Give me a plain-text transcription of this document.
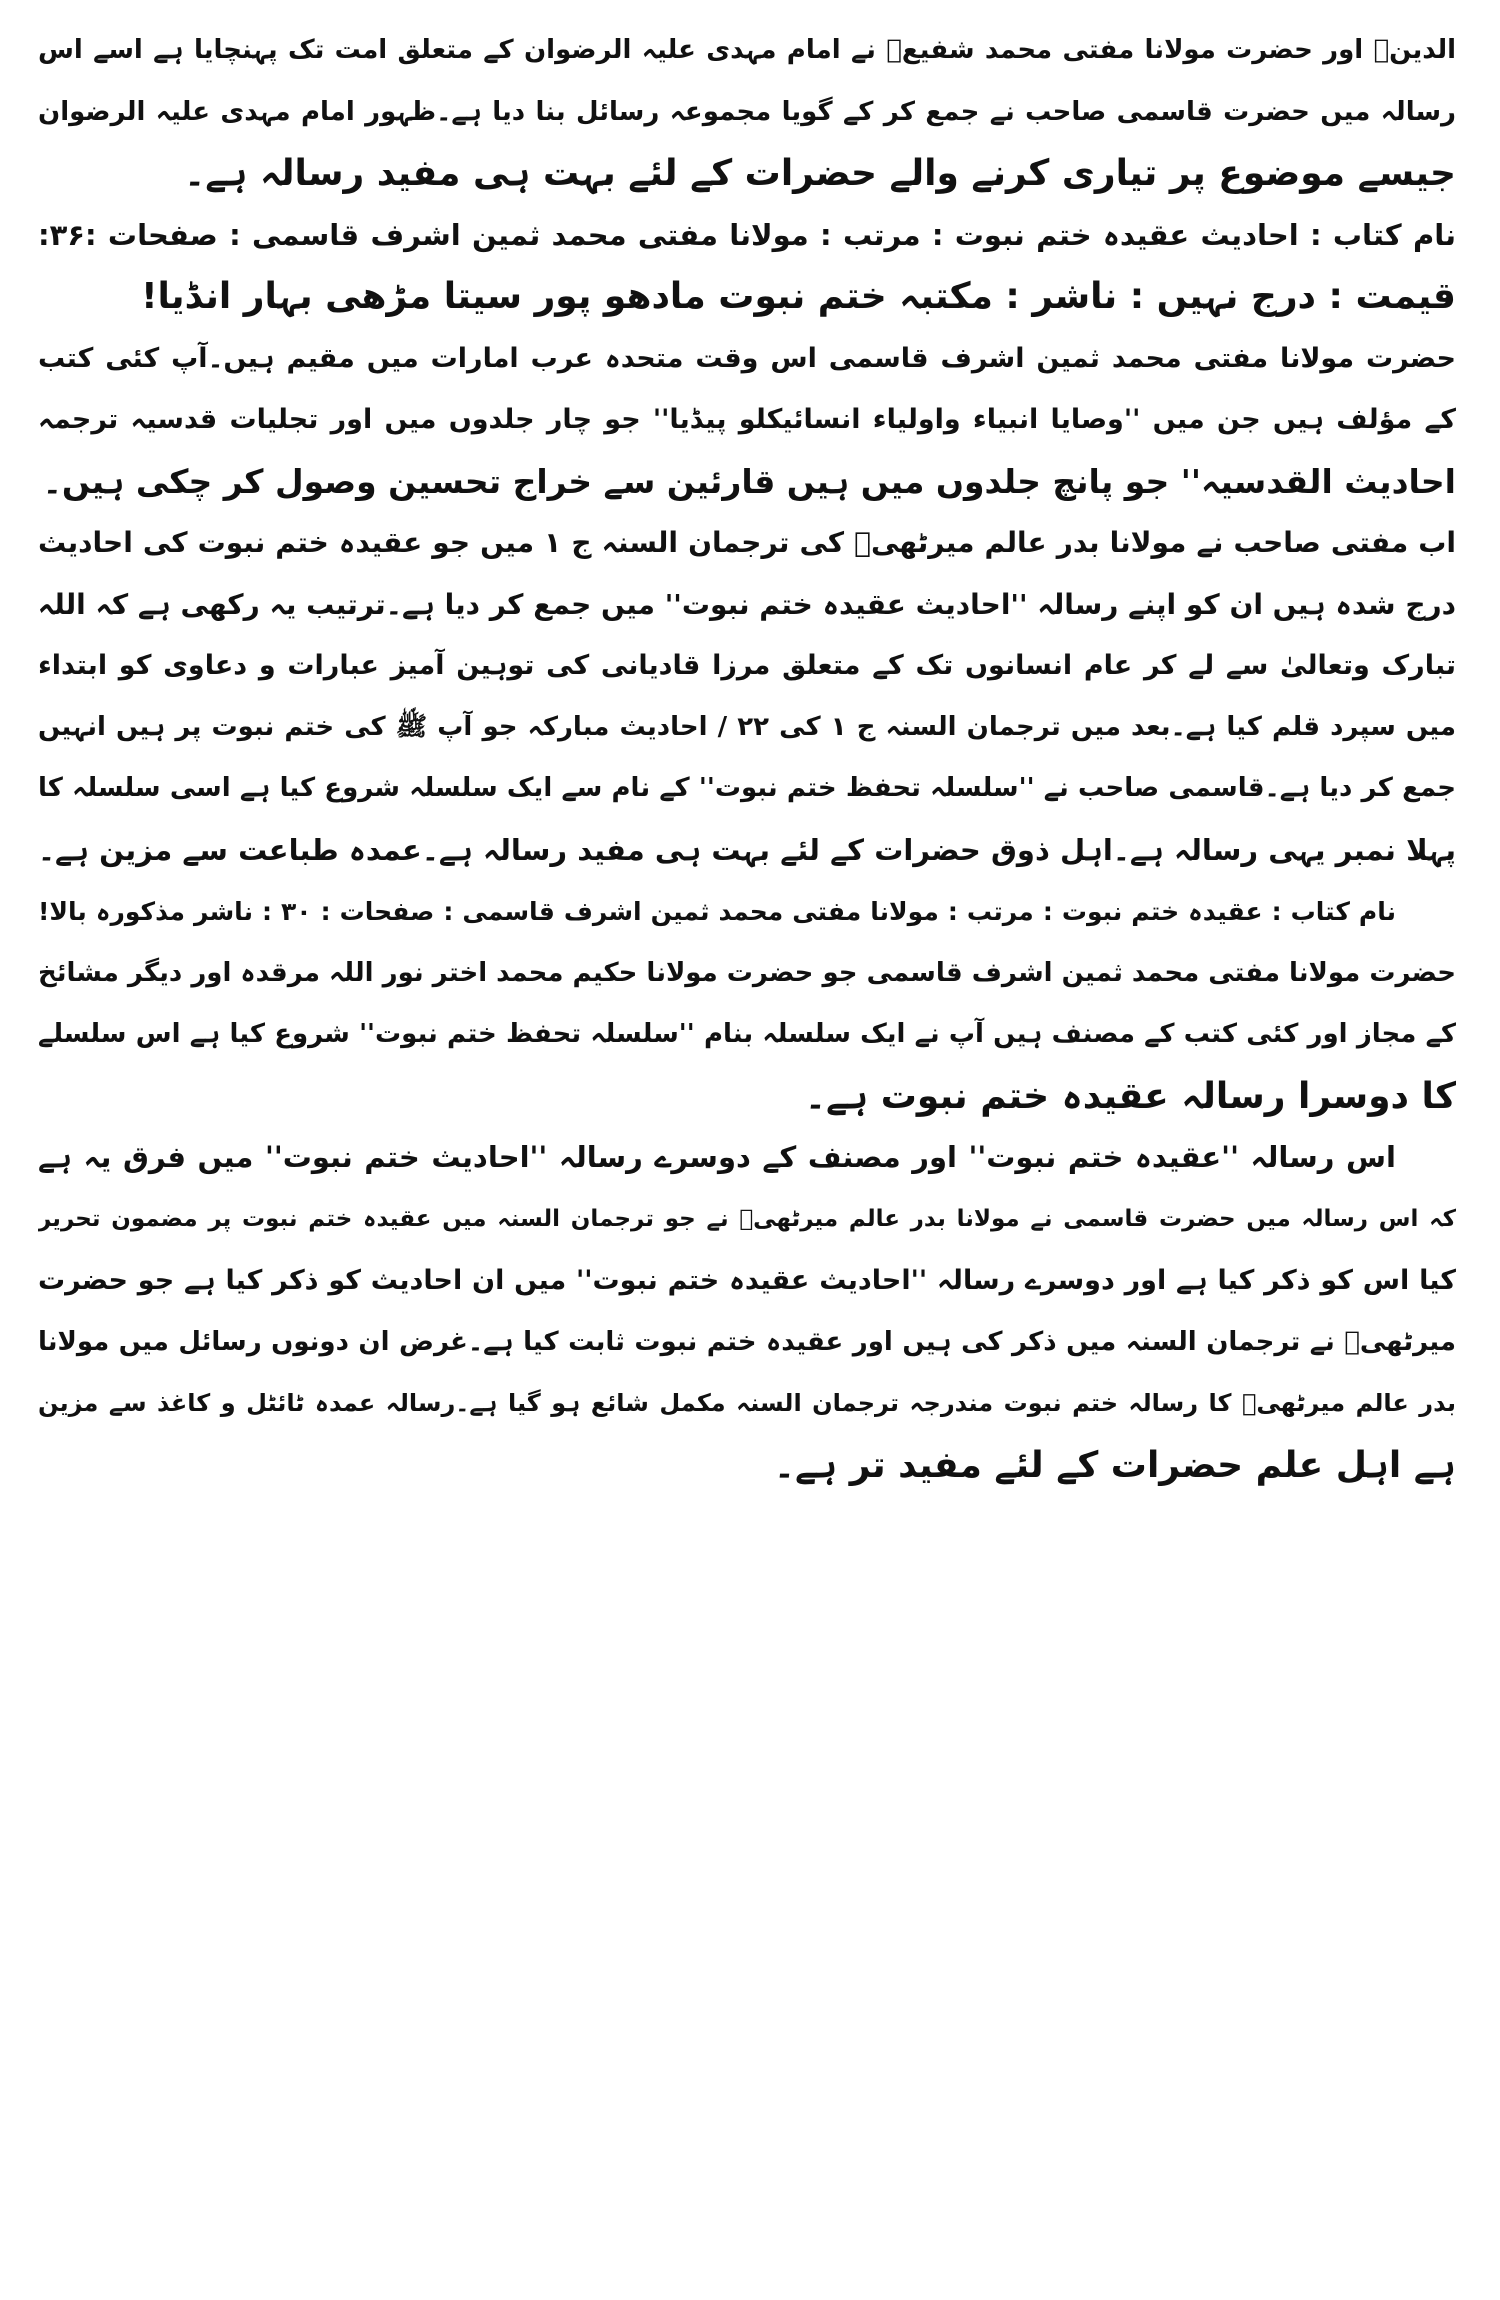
الدینؒ اور حضرت مولانا مفتی محمد شفیعؒ نے امام مہدی علیہ الرضوان کے متعلق امت تک پہنچایا ہے اسے اس
رسالہ میں حضرت قاسمی صاحب نے جمع کر کے گویا مجموعہ رسائل بنا دیا ہے۔ظہور امام مہدی علیہ الرضوان
جیسے موضوع پر تیاری کرنے والے حضرات کے لئے بہت ہی مفید رسالہ ہے۔
نام کتاب : احادیث عقیدہ ختم نبوت : مرتب : مولانا مفتی محمد ثمین اشرف قاسمی : صفحات :۳۶:
قیمت : درج نہیں : ناشر : مکتبہ ختم نبوت مادھو پور سیتا مڑھی بہار انڈیا!
حضرت مولانا مفتی محمد ثمین اشرف قاسمی اس وقت متحدہ عرب امارات میں مقیم ہیں۔آپ کئی کتب
کے مؤلف ہیں جن میں ''وصایا انبیاء واولیاء انسائیکلو پیڈیا'' جو چار جلدوں میں اور تجلیات قدسیہ ترجمہ
احادیث القدسیہ'' جو پانچ جلدوں میں ہیں قارئین سے خراج تحسین وصول کر چکی ہیں۔
اب مفتی صاحب نے مولانا بدر عالم میرٹھیؒ کی ترجمان السنہ ج ۱ میں جو عقیدہ ختم نبوت کی احادیث
درج شدہ ہیں ان کو اپنے رسالہ ''احادیث عقیدہ ختم نبوت'' میں جمع کر دیا ہے۔ترتیب یہ رکھی ہے کہ اللہ
تبارک وتعالیٰ سے لے کر عام انسانوں تک کے متعلق مرزا قادیانی کی توہین آمیز عبارات و دعاوی کو ابتداء
میں سپرد قلم کیا ہے۔بعد میں ترجمان السنہ ج ۱ کی ۲۲ / احادیث مبارکہ جو آپ ﷺ کی ختم نبوت پر ہیں انہیں
جمع کر دیا ہے۔قاسمی صاحب نے ''سلسلہ تحفظ ختم نبوت'' کے نام سے ایک سلسلہ شروع کیا ہے اسی سلسلہ کا
پہلا نمبر یہی رسالہ ہے۔اہل ذوق حضرات کے لئے بہت ہی مفید رسالہ ہے۔عمدہ طباعت سے مزین ہے۔
نام کتاب : عقیدہ ختم نبوت : مرتب : مولانا مفتی محمد ثمین اشرف قاسمی : صفحات : ۳۰ : ناشر مذکورہ بالا!
حضرت مولانا مفتی محمد ثمین اشرف قاسمی جو حضرت مولانا حکیم محمد اختر نور اللہ مرقدہ اور دیگر مشائخ
کے مجاز اور کئی کتب کے مصنف ہیں آپ نے ایک سلسلہ بنام ''سلسلہ تحفظ ختم نبوت'' شروع کیا ہے اس سلسلے
کا دوسرا رسالہ عقیدہ ختم نبوت ہے۔
اس رسالہ ''عقیدہ ختم نبوت'' اور مصنف کے دوسرے رسالہ ''احادیث ختم نبوت'' میں فرق یہ ہے
کہ اس رسالہ میں حضرت قاسمی نے مولانا بدر عالم میرٹھیؒ نے جو ترجمان السنہ میں عقیدہ ختم نبوت پر مضمون تحریر
کیا اس کو ذکر کیا ہے اور دوسرے رسالہ ''احادیث عقیدہ ختم نبوت'' میں ان احادیث کو ذکر کیا ہے جو حضرت
میرٹھیؒ نے ترجمان السنہ میں ذکر کی ہیں اور عقیدہ ختم نبوت ثابت کیا ہے۔غرض ان دونوں رسائل میں مولانا
بدر عالم میرٹھیؒ کا رسالہ ختم نبوت مندرجہ ترجمان السنہ مکمل شائع ہو گیا ہے۔رسالہ عمدہ ٹائٹل و کاغذ سے مزین
ہے اہل علم حضرات کے لئے مفید تر ہے۔
